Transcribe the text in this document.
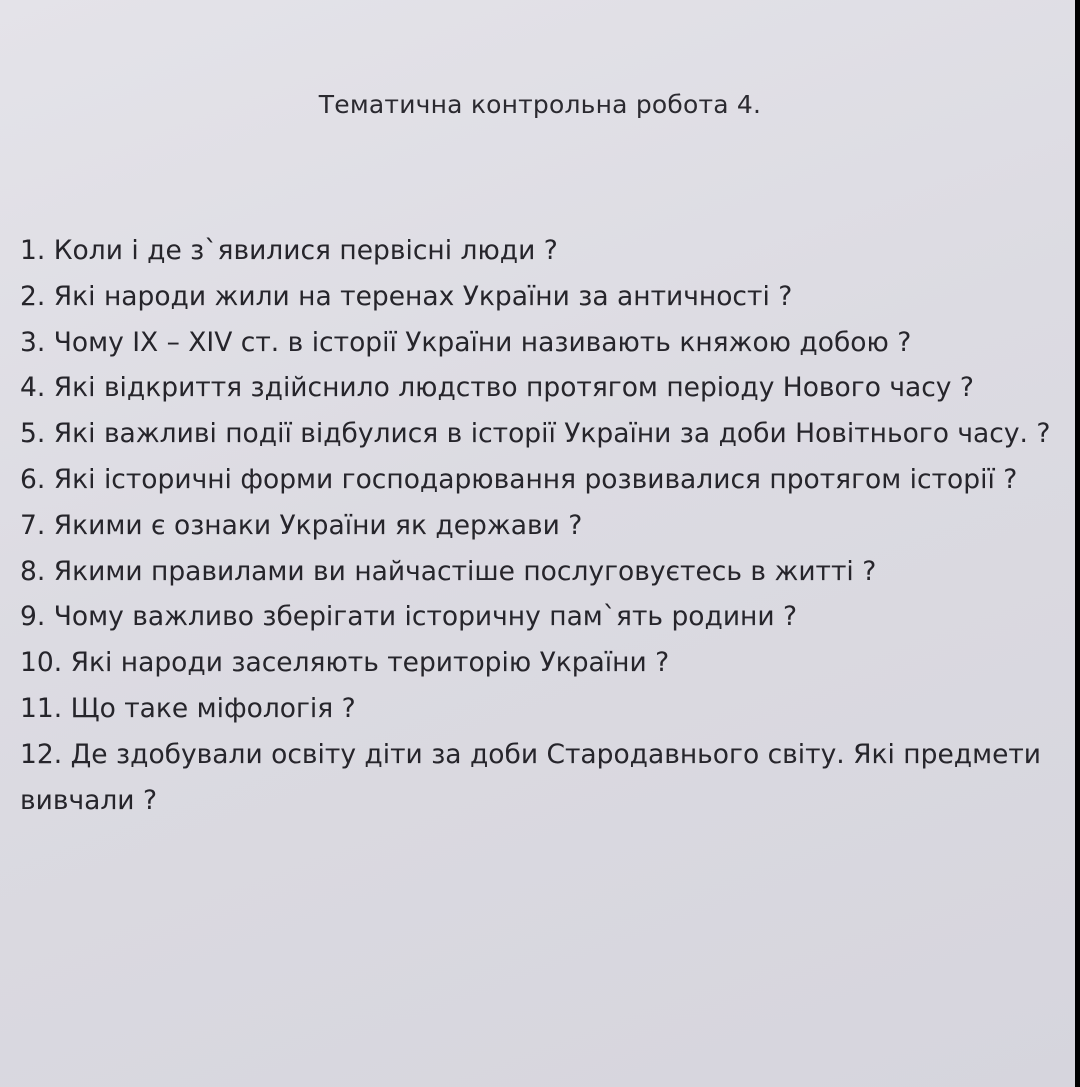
Тематична контрольна робота 4.
1. Коли і де з`явилися первісні люди ?
2. Які народи жили на теренах України за античності ?
3. Чому IX – XIV ст. в історії України називають княжою добою ?
4. Які відкриття здійснило людство протягом періоду Нового часу ?
5. Які важливі події відбулися в історії України за доби Новітнього часу. ?
6. Які історичні форми господарювання розвивалися протягом історії ?
7. Якими є ознаки України як держави ?
8. Якими правилами ви найчастіше послуговуєтесь в житті ?
9. Чому важливо зберігати історичну пам`ять родини ?
10. Які народи заселяють територію України ?
11. Що таке міфологія ?
12. Де здобували освіту діти за доби Стародавнього світу. Які предмети вивчали ?
